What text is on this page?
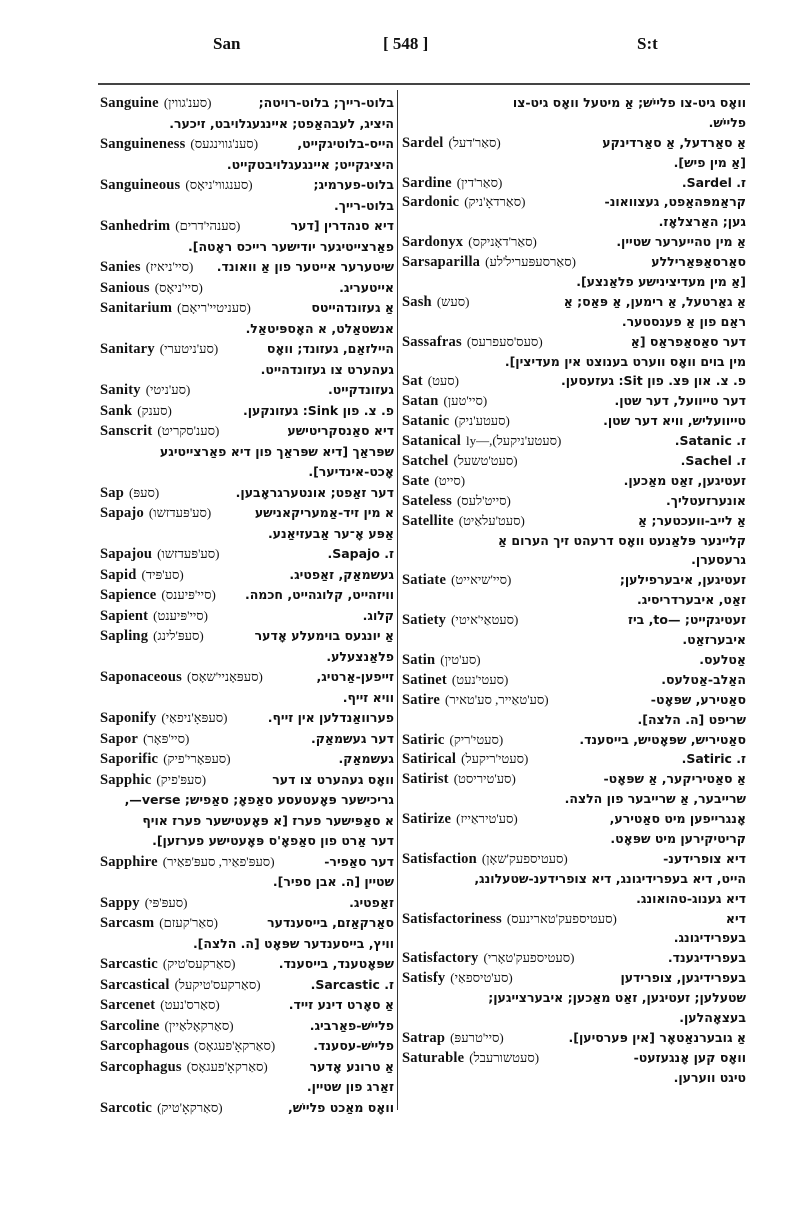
San	[ 548 ]	S:t
Sanguine (סענ'גווין)	בלוט-רייך; בלוט-רויטה;
היציג, לעבהאַפט; איינגעגלויבט, זיכער.
Sanguineness (סענ'גווינגעס)	הייס-בלוטיגקייט,
היציגקייט; איינגעגלויבטקייט.
Sanguineous (סענגווי'ניאָס)	בלוט-פערמיג;
בלוט-רייך.
Sanhedrim (סענהי'דרים)	דיא סנהדרין [דער
פאַרצייטיגער יודישער רייכס ראָטה].
Sanies (סיי'ניאיז)	שיטערער אייטער פון אַ וואונד.
Sanious (סיי'ניאָס)	אייטעריג.
Sanitarium (סעניטיי'ריאָם)	אַ געזונדהייטס
אנשטאַלט, א האָספּיטאַל.
Sanitary (סע'ניטערי)	היילזאַם, געזונד; וואָס
געהערט צו געזונדהייט.
Sanity (סע'ניטי)	געזונדקייט.
Sank (סענק)	פ. צ. פון Sink: געזונקען.
Sanscrit (סענ'סקריט)	דיא סאַנסקריטישע
שפּראַך [דיא שפּראַך פון דיא פאַרצייטיגע
אָכט-אינדיער].
Sap (סעפּ)	דער זאַפט; אונטערגראָבען.
Sapajo (סע'פּעדזשו)	א מין זיד-אַמעריקאנישע
אַפּע אָ־ער אַבעזיאַנע.
Sapajou (סע'פּעדזשו)	ז. Sapajo.
Sapid (סע'פּיד)	געשמאַק, זאַפטיג.
Sapience (סיי'פּיענס)	וויזהייט, קלוגהייט, חכמה.
Sapient (סיי'פּיענט)	קלוג.
Sapling (סעפּ'לינג)	אַ יונגעס בוימעלע אָדער
פלאַנצעלע.
Saponaceous (סעפּאָניי'שאָס)	זייפען-אַרטיג,
וויא זייף.
Saponify (סעפּאָ'ניפאַי)	פערוואַנדלען אין זייף.
Sapor (סיי'פּאָר)	דער געשמאַק.
Saporific (סעפּאָרי'פיק)	געשמאַק.
Sapphic (סעפּ'פיק)	וואָס געהערט צו דער
גריכישער פּאָעטעסע סאַפאָ; סאַפיש; verse—,
א סאַפּישער פערז [א פּאָעטישער פערז אויף
דער אַרט פון סאַפאָ'ס פּאָעטישע פערזען].
Sapphire (סעפּ'פאַיר, סעפּ'פאַיר)	דער סאַפיר-
שטיין [ה. אבן ספיר].
Sappy (סעפּ'פּי)	זאַפטיג.
Sarcasm (סאַר'קעזם)	סאַרקאַזם, בייסענדער
וויץ, בייסענדער שפּאָט [ה. הלצה].
Sarcastic (סאַרקעס'טיק)	שפּאָטענד, בייסענד.
Sarcastical (סאַרקעס'טיקעל)	ז. Sarcastic.
Sarcenet (סאַרס'נעט)	אַ סאָרט דינע זייד.
Sarcoline (סאַרקאָלאַיין)	פליישׁ-פאַרביג.
Sarcophagous (סאַרקאָ'פעגאָס)	פליישׁ-עסענד.
Sarcophagus (סאַרקאָ'פעגאָס)	אַ טרונע אָדער
זאַרג פון שטיין.
Sarcotic (סאַרקאָ'טיק)	וואָס מאַכט פליישׁ,
וואָס גיט-צו פליישׁ; אַ מיטעל וואָס גיט-צו
פליישׁ.
Sardel (סאַר'דעל)	אַ סאַרדעל, אַ סאַרדינקע
[אַ מין פיש].
Sardine (סאַר'דין)	ז. Sardel.
Sardonic (סאַרדאָ'ניק)	קראַמפּהאַפט, געצוואונ-
גען; האַרצלאָז.
Sardonyx (סאַר'דאָניקס)	אַ מין טהייערער שטיין.
Sarsaparilla (סאַרסעפּעריל'לע)	סאַרסאַפּאַריללע
[אַ מין מעדיצינישע פלאַנצע].
Sash (סעש)	אַ גאַרטעל, אַ רימען, אַ פּאַס; אַ
ראַם פון אַ פענסטער.
Sassafras (סעס'סעפרעס)	דער סאַסאַפראַס [אַ
מין בוים וואָס ווערט בענוצט אין מעדיצין].
Sat (סעט)	פ. צ. און פּצ. פון Sit: געזעסען.
Satan (סיי'טען)	דער טייוועל, דער שטן.
Satanic (סעטע'ניק)	טייוועליש, וויא דער שטן.
Satanical (סעטע'ניקעל),—ly	ז. Satanic.
Satchel (סעט'טשעל)	ז. Sachel.
Sate (סייט)	זעטיגען, זאַט מאַכען.
Sateless (סייט'לעס)	אונערזעטליך.
Satellite (סעט'עלאַיט)	אַ לייב-וועכטער; אַ
קליינער פּלאַנעט וואָס דרעהט זיך הערום אַ
גרעסערן.
Satiate (סיי'שיאייט)	זעטיגען, איבערפילען;
זאַט, איבערדריסיג.
Satiety (סעטאַי'איטי)	זעטיגקייט; —to, ביז
איבערזאַט.
Satin (סע'טין)	אַטלעס.
Satinet (סעטי'נעט)	האַלב-אַטלעס.
Satire (סע'טאַייר, סע'טאיר)	סאַטירע, שפּאָט-
שריפט [ה. הלצה].
Satiric (סעטי'ריק)	סאַטיריש, שפּאָטיש, בייסענד.
Satirical (סעטי'ריקעל)	ז. Satiric.
Satirist (סע'טיריסט)	אַ סאַטיריקער, אַ שפּאָט-
שרייבער, אַ שרייבער פון הלצה.
Satirize (סע'טיראַייז)	אָנגרייפען מיט סאַטירע,
קריטיקירען מיט שפּאָט.
Satisfaction (סעטיספעק'שאָן)	דיא צופרידענ-
הייט, דיא בעפרידיגונג, דיא צופרידענ-שטעלונג,
דיא גענוג-טהואונג.
Satisfactoriness (סעטיספעק'טארינעס)	דיא
בעפרידיגונג.
Satisfactory (סעטיספעק'טאָרי)	בעפרידיגענד.
Satisfy (סע'טיספאַי)	בעפרידיגען, צופרידען
שטעלען; זעטיגען, זאַט מאַכען; איבערצייגען;
בעצאָהלען.
Satrap (סיי'טרעפּ)	אַ גובערנאַטאָר [אין פּערסיען].
Saturable (סעטשורעבל)	וואָס קען אָנגעזעט-
טיגט ווערען.
